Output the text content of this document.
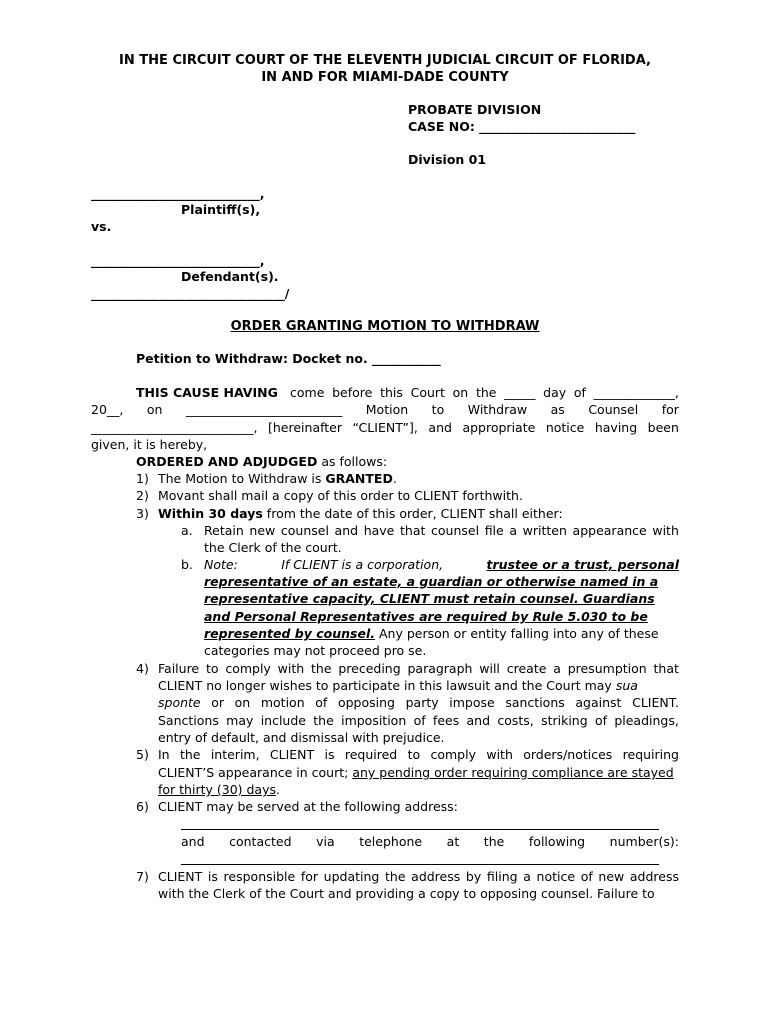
IN THE CIRCUIT COURT OF THE ELEVENTH JUDICIAL CIRCUIT OF FLORIDA,
IN AND FOR MIAMI-DADE COUNTY
PROBATE DIVISION
CASE NO: _________________________
Division 01
___________________________,
Plaintiff(s),
vs.
___________________________,
Defendant(s).
_______________________________/
ORDER GRANTING MOTION TO WITHDRAW
Petition to Withdraw: Docket no. ___________
THIS CAUSE HAVING come before this Court on the _____ day of _____________,
20__, on _________________________ Motion to Withdraw as Counsel for
__________________________, [hereinafter “CLIENT”], and appropriate notice having been
given, it is hereby,
ORDERED AND ADJUDGED as follows:
1) The Motion to Withdraw is GRANTED.
2) Movant shall mail a copy of this order to CLIENT forthwith.
3) Within 30 days from the date of this order, CLIENT shall either:
a. Retain new counsel and have that counsel file a written appearance with
the Clerk of the court.
b. Note:	If CLIENT is a corporation,	trustee or a trust, personal
representative of an estate, a guardian or otherwise named in a
representative capacity, CLIENT must retain counsel. Guardians
and Personal Representatives are required by Rule 5.030 to be
represented by counsel. Any person or entity falling into any of these
categories may not proceed pro se.
4) Failure to comply with the preceding paragraph will create a presumption that
CLIENT no longer wishes to participate in this lawsuit and the Court may sua
sponte or on motion of opposing party impose sanctions against CLIENT.
Sanctions may include the imposition of fees and costs, striking of pleadings,
entry of default, and dismissal with prejudice.
5) In the interim, CLIENT is required to comply with orders/notices requiring
CLIENT’S appearance in court; any pending order requiring compliance are stayed
for thirty (30) days.
6) CLIENT may be served at the following address:
and contacted via telephone at the following number(s):
7) CLIENT is responsible for updating the address by filing a notice of new address
with the Clerk of the Court and providing a copy to opposing counsel. Failure to
